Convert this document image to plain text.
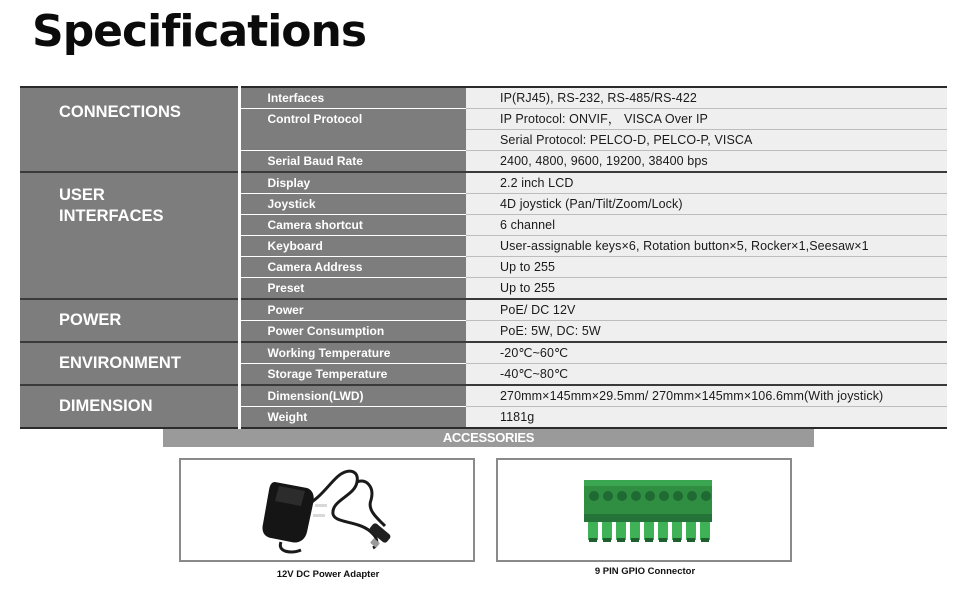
Specifications
CONNECTIONS	Interfaces	IP(RJ45), RS-232, RS-485/RS-422
	Control Protocol	IP Protocol: ONVIF， VISCA Over IP
		Serial Protocol: PELCO-D, PELCO-P, VISCA
	Serial Baud Rate	2400, 4800, 9600, 19200, 38400 bps
USER
INTERFACES	Display	2.2 inch LCD
	Joystick	4D joystick (Pan/Tilt/Zoom/Lock)
	Camera shortcut	6 channel
	Keyboard	User-assignable keys×6, Rotation button×5, Rocker×1,Seesaw×1
	Camera Address	Up to 255
	Preset	Up to 255
POWER	Power	PoE/ DC 12V
	Power Consumption	PoE: 5W, DC: 5W
ENVIRONMENT	Working Temperature	-20℃~60℃
	Storage Temperature	-40℃~80℃
DIMENSION	Dimension(LWD)	270mm×145mm×29.5mm/ 270mm×145mm×106.6mm(With joystick)
	Weight	1181g
ACCESSORIES
12V DC Power Adapter	9 PIN GPIO Connector
